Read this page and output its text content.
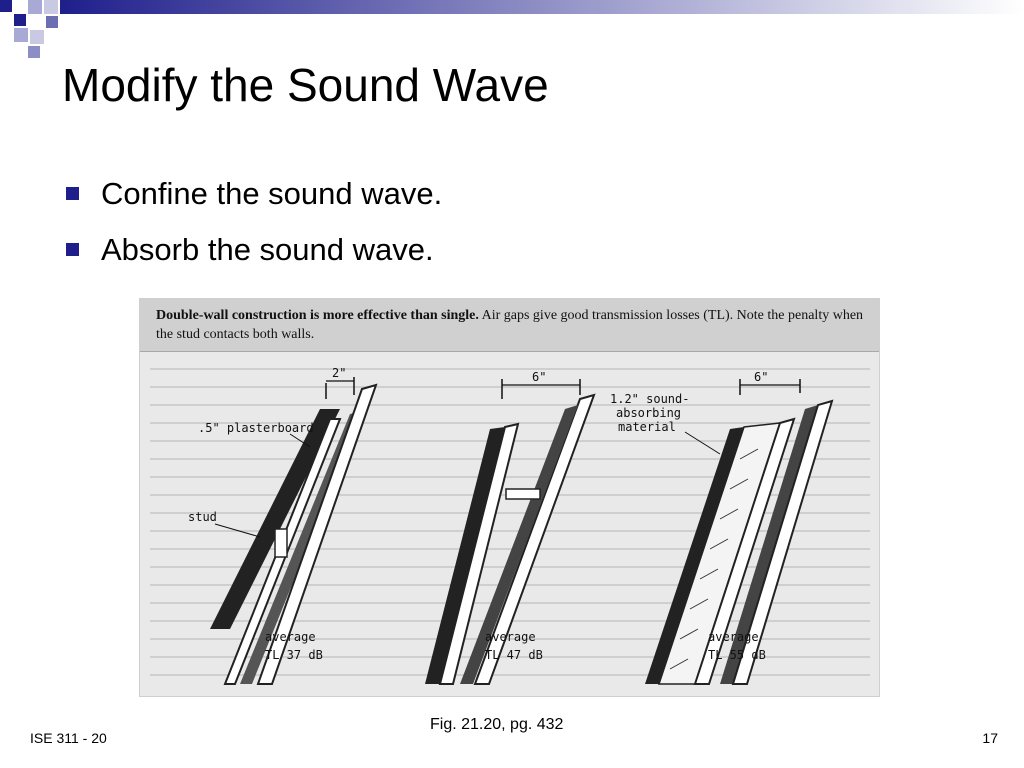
Modify the Sound Wave
Confine the sound wave.
Absorb the sound wave.
Double-wall construction is more effective than single. Air gaps give good transmission losses (TL). Note the penalty when the stud contacts both walls.
2"
.5" plasterboard
stud
average
TL 37 dB
6"
average
TL 47 dB
6"
1.2" sound-
absorbing
material
average
TL 55 dB
Fig. 21.20, pg. 432
ISE 311 - 20	17
